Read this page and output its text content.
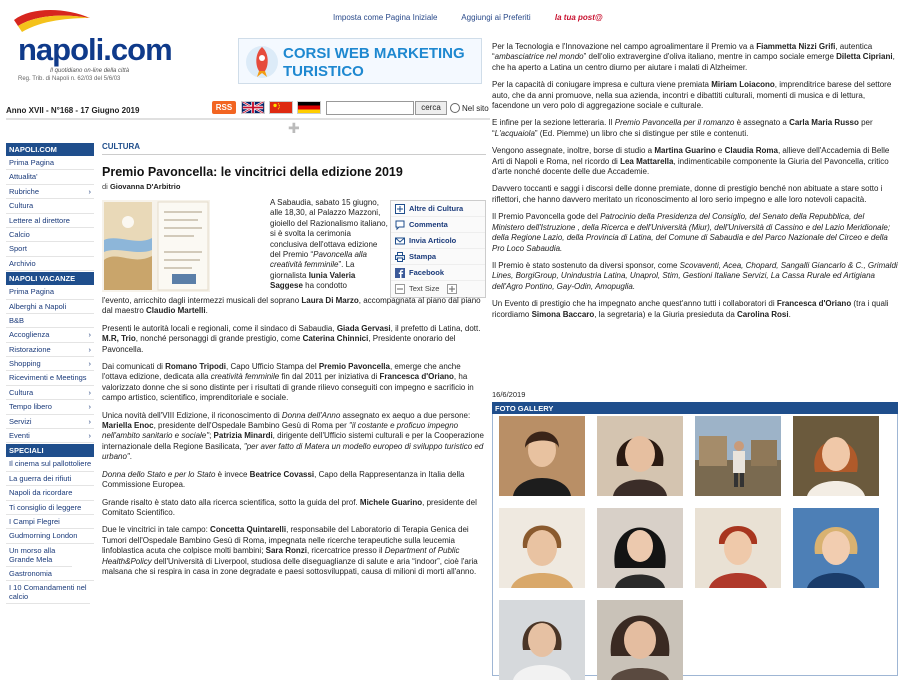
Imposta come Pagina Iniziale	Aggiungi ai Preferiti	la tua post@
napoli.com
Il quotidiano on-line della città
Reg. Trib. di Napoli n. 62/03 del 5/6/03
CORSI WEB MARKETING
TURISTICO
Anno XVII - N°168 - 17 Giugno 2019	RSS	cerca	Nel sito
✚
NAPOLI.COM
Prima Pagina
Attualita'
Rubriche	›
Cultura
Lettere al direttore
Calcio
Sport
Archivio
NAPOLI VACANZE
Prima Pagina
Alberghi a Napoli
B&B
Accoglienza	›
Ristorazione	›
Shopping	›
Ricevimenti e Meetings
Cultura	›
Tempo libero	›
Servizi	›
Eventi	›
SPECIALI
Il cinema sul pallottoliere
La guerra dei rifiuti
Napoli da ricordare
Ti consiglio di leggere
I Campi Flegrei
Gudmorning London
Un morso alla Grande Mela
Gastronomia
I 10 Comandamenti nel calcio
CULTURA
Premio Pavoncella: le vincitrici della edizione 2019
di Giovanna D'Arbitrio
A Sabaudia, sabato 15 giugno, alle 18,30, al Palazzo Mazzoni, gioiello del Razionalismo italiano, si è svolta la cerimonia conclusiva dell'ottava edizione del Premio “Pavoncella alla creatività femminile”. La giornalista Iunia Valeria Saggese ha condotto
Altre di Cultura
Commenta
Invia Articolo
Stampa
Facebook
Text Size

l'evento, arricchito dagli intermezzi musicali del soprano Laura Di Marzo, accompagnata al piano dal piano dal maestro Claudio Martelli.

Presenti le autorità locali e regionali, come il sindaco di Sabaudia, Giada Gervasi, il prefetto di Latina, dott. M.R, Trio, nonché personaggi di grande prestigio, come Caterina Chinnici, Presidente onorario del Pavoncella.

Dai comunicati di Romano Tripodi, Capo Ufficio Stampa del Premio Pavoncella, emerge che anche l'ottava edizione, dedicata alla creatività femminile fin dal 2011 per iniziativa di Francesca d'Oriano, ha valorizzato donne che si sono distinte per i risultati di grande rilievo conseguiti con impegno e sacrificio in campo artistico, scientifico, imprenditoriale e sociale.

Unica novità dell'VIII Edizione, il riconoscimento di Donna dell'Anno assegnato ex aequo a due persone: Mariella Enoc, presidente dell'Ospedale Bambino Gesù di Roma per "il costante e proficuo impegno nell'ambito sanitario e sociale"; Patrizia Minardi, dirigente dell'Ufficio sistemi culturali e per la Cooperazione internazionale della Regione Basilicata, "per aver fatto di Matera un modello europeo di sviluppo turistico ed urbano".

Donna dello Stato e per lo Stato è invece Beatrice Covassi, Capo della Rappresentanza in Italia della Commissione Europea.

Grande risalto è stato dato alla ricerca scientifica, sotto la guida del prof. Michele Guarino, presidente del Comitato Scientifico.

Due le vincitrici in tale campo: Concetta Quintarelli, responsabile del Laboratorio di Terapia Genica dei Tumori dell'Ospedale Bambino Gesù di Roma, impegnata nelle ricerche terapeutiche sulla leucemia linfoblastica acuta che colpisce molti bambini; Sara Ronzi, ricercatrice presso il Department of Public Health&Policy dell'Università di Liverpool, studiosa delle diseguaglianze di salute e aria “indoor”, cioè l'aria malsana che si respira in casa in zone degradate e paesi sottosviluppati, causa di milioni di morti all'anno.

Per la Tecnologia e l'Innovazione nel campo agroalimentare il Premio va a Fiammetta Nizzi Grifi, autentica “ambasciatrice nel mondo” dell'olio extravergine d'oliva italiano, mentre in campo sociale emerge Diletta Cipriani, che ha aperto a Latina un centro diurno per aiutare i malati di Alzheimer.

Per la capacità di coniugare impresa e cultura viene premiata Miriam Loiacono, imprenditrice barese del settore auto, che da anni promuove, nella sua azienda, incontri e dibattiti culturali, momenti di musica e di lettura, facendone un vero polo di aggregazione sociale e culturale.

E infine per la sezione letteraria. Il Premio Pavoncella per il romanzo è assegnato a Carla Maria Russo per “L'acquaiola” (Ed. Piemme) un libro che si distingue per stile e contenuti.

Vengono assegnate, inoltre, borse di studio a Martina Guarino e Claudia Roma, allieve dell'Accademia di Belle Arti di Napoli e Roma, nel ricordo di Lea Mattarella, indimenticabile componente la Giuria del Pavoncella, critico d'arte nonché docente delle due Accademie.

Davvero toccanti e saggi i discorsi delle donne premiate, donne di prestigio benché non abituate a stare sotto i riflettori, che hanno davvero meritato un riconoscimento al loro serio impegno e alle loro notevoli capacità.

Il Premio Pavoncella gode del Patrocinio della Presidenza del Consiglio, del Senato della Repubblica, del Ministero dell'Istruzione , della Ricerca e dell'Università (Miur), dell'Università di Cassino e del Lazio Meridionale; della Regione Lazio, della Provincia di Latina, del Comune di Sabaudia e del Parco Nazionale del Circeo e della Pro Loco Sabaudia.

Il Premio è stato sostenuto da diversi sponsor, come Scovaventi, Acea, Chopard, Sangalli Giancarlo & C., Grimaldi Lines, BorgiGroup, Unindustria Latina, Unaprol, Stim, Gestioni Italiane Servizi, La Cassa Rurale ed Artigiana dell'Agro Pontino, Gay-Odin, Amopuglia.

Un Evento di prestigio che ha impegnato anche quest'anno tutti i collaboratori di Francesca d'Oriano (tra i quali ricordiamo Simona Baccaro, la segretaria) e la Giuria presieduta da Carolina Rosi.

16/6/2019
FOTO GALLERY
